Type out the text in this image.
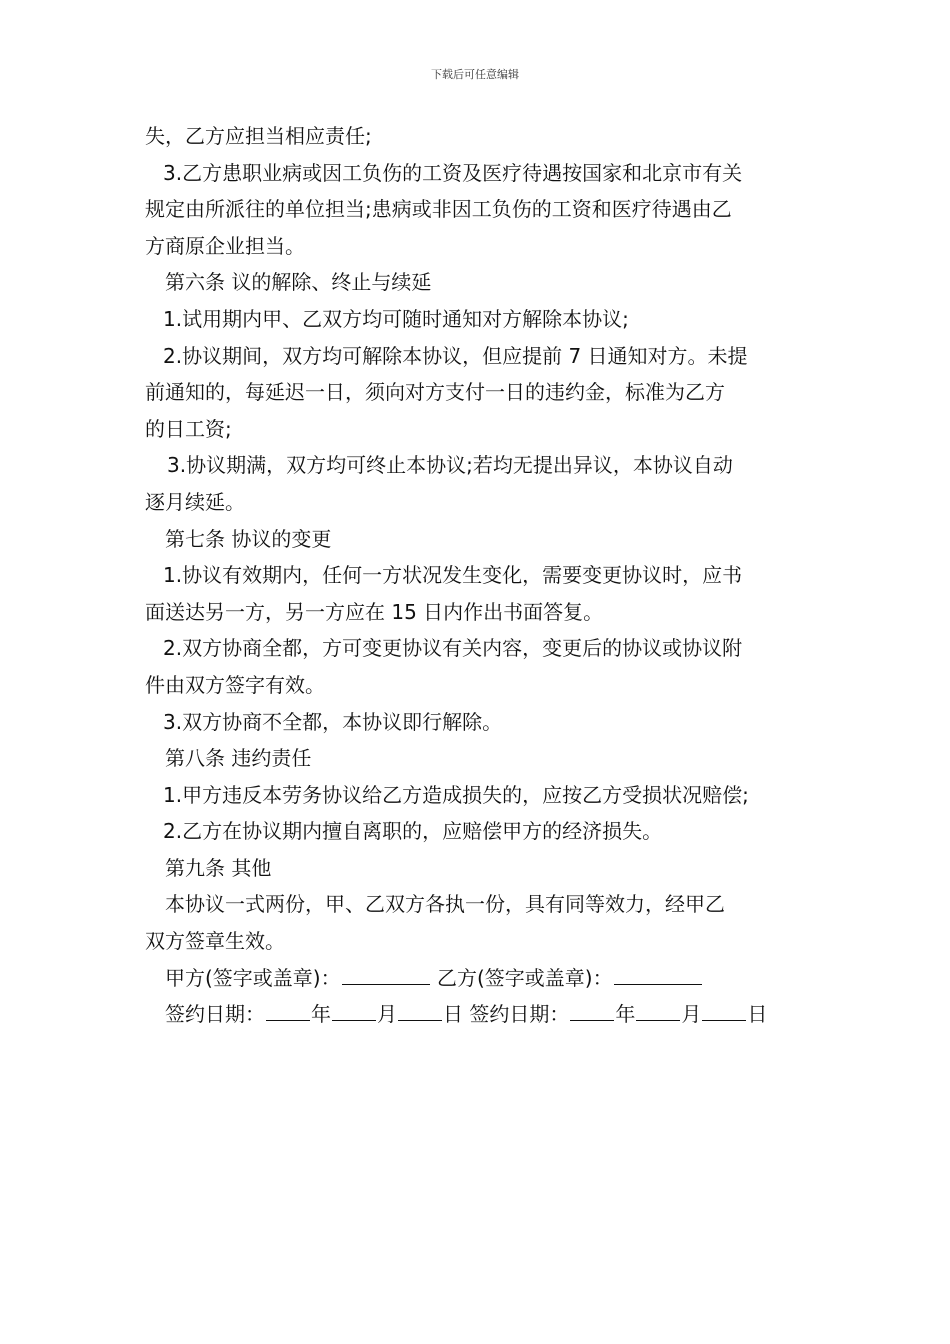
下载后可任意编辑
失，乙方应担当相应责任;
3.乙方患职业病或因工负伤的工资及医疗待遇按国家和北京市有关
规定由所派往的单位担当;患病或非因工负伤的工资和医疗待遇由乙
方商原企业担当。
第六条 议的解除、终止与续延
1.试用期内甲、乙双方均可随时通知对方解除本协议;
2.协议期间，双方均可解除本协议，但应提前 7 日通知对方。未提
前通知的，每延迟一日，须向对方支付一日的违约金，标准为乙方
的日工资;
3.协议期满，双方均可终止本协议;若均无提出异议，本协议自动
逐月续延。
第七条 协议的变更
1.协议有效期内，任何一方状况发生变化，需要变更协议时，应书
面送达另一方，另一方应在 15 日内作出书面答复。
2.双方协商全都，方可变更协议有关内容，变更后的协议或协议附
件由双方签字有效。
3.双方协商不全都，本协议即行解除。
第八条 违约责任
1.甲方违反本劳务协议给乙方造成损失的，应按乙方受损状况赔偿;
2.乙方在协议期内擅自离职的，应赔偿甲方的经济损失。
第九条 其他
本协议一式两份，甲、乙双方各执一份，具有同等效力，经甲乙
双方签章生效。
甲方(签字或盖章)：	乙方(签字或盖章)：
签约日期： 年 月 日 签约日期： 年 月 日
